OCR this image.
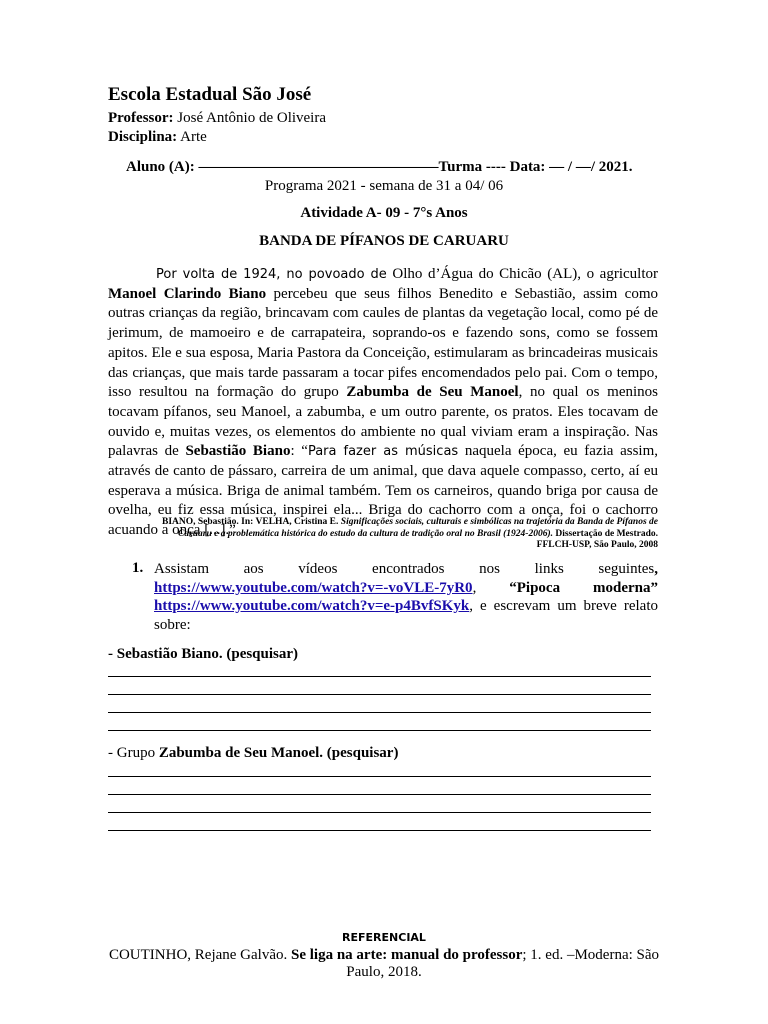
Escola Estadual São José
Professor: José Antônio de Oliveira
Disciplina: Arte
Aluno (A): ————————————————Turma ---- Data: — / —/ 2021.
Programa 2021 - semana de 31 a 04/ 06
Atividade A- 09 - 7°s Anos
BANDA DE PÍFANOS DE CARUARU

Por volta de 1924, no povoado de Olho d’Água do Chicão (AL), o agricultor Manoel Clarindo Biano percebeu que seus filhos Benedito e Sebastião, assim como outras crianças da região, brincavam com caules de plantas da vegetação local, como pé de jerimum, de mamoeiro e de carrapateira, soprando-os e fazendo sons, como se fossem apitos. Ele e sua esposa, Maria Pastora da Conceição, estimularam as brincadeiras musicais das crianças, que mais tarde passaram a tocar pifes encomendados pelo pai. Com o tempo, isso resultou na formação do grupo Zabumba de Seu Manoel, no qual os meninos tocavam pífanos, seu Manoel, a zabumba, e um outro parente, os pratos. Eles tocavam de ouvido e, muitas vezes, os elementos do ambiente no qual viviam eram a inspiração. Nas palavras de Sebastião Biano: “Para fazer as músicas naquela época, eu fazia assim, através de canto de pássaro, carreira de um animal, que dava aquele compasso, certo, aí eu esperava a música. Briga de animal também. Tem os carneiros, quando briga por causa de ovelha, eu fiz essa música, inspirei ela... Briga do cachorro com a onça, foi o cachorro acuando a onça [...].”

BIANO, Sebastião. In: VELHA, Cristina E. Significações sociais, culturais e simbólicas na trajetória da Banda de Pífanos de Caruaru e a problemática histórica do estudo da cultura de tradição oral no Brasil (1924-2006). Dissertação de Mestrado. FFLCH-USP, São Paulo, 2008
1. Assistam aos vídeos encontrados nos links seguintes, https://www.youtube.com/watch?v=-voVLE-7yR0, “Pipoca moderna” https://www.youtube.com/watch?v=e-p4BvfSKyk, e escrevam um breve relato sobre:
- Sebastião Biano. (pesquisar)
- Grupo Zabumba de Seu Manoel. (pesquisar)
REFERENCIAL
COUTINHO, Rejane Galvão. Se liga na arte: manual do professor; 1. ed. –Moderna: São Paulo, 2018.
